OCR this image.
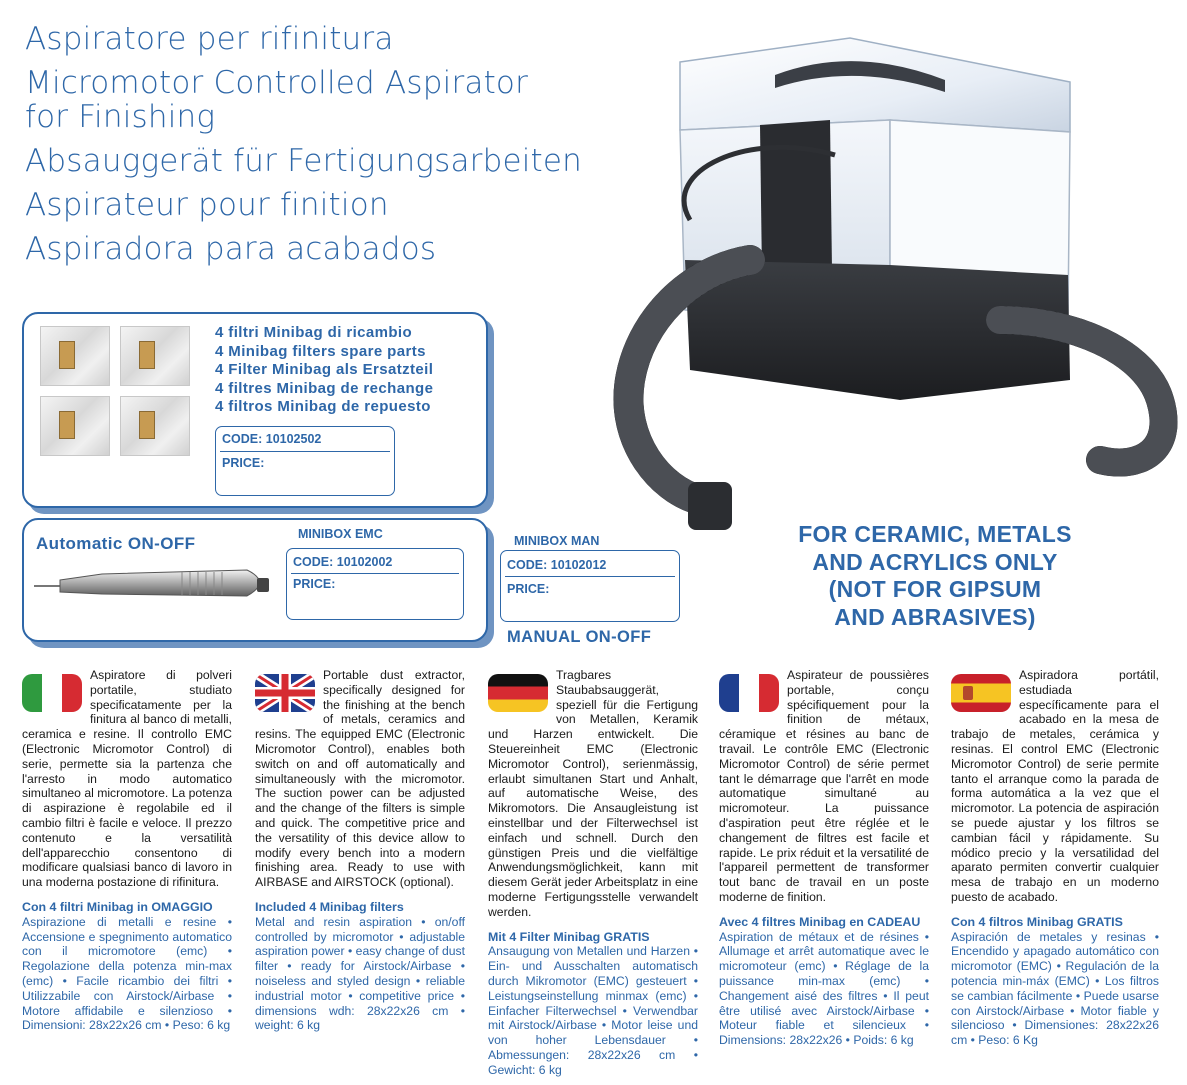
Aspiratore per rifinitura
Micromotor Controlled Aspirator
for Finishing
Absauggerät für Fertigungsarbeiten
Aspirateur pour finition
Aspiradora para acabados
4 filtri Minibag di ricambio
4 Minibag filters spare parts
4 Filter Minibag als Ersatzteil
4 filtres Minibag de rechange
4 filtros Minibag de repuesto
CODE: 10102502
PRICE:
Automatic ON-OFF	MINIBOX EMC
CODE: 10102002
PRICE:
MINIBOX MAN
CODE: 10102012
PRICE:
MANUAL ON-OFF
FOR CERAMIC, METALS
AND ACRYLICS ONLY
(NOT FOR GIPSUM
AND ABRASIVES)
Aspiratore di polveri portatile, studiato specificatamente per la finitura al banco di metalli, ceramica e resine. Il controllo EMC (Electronic Micromotor Control) di serie, permette sia la partenza che l'arresto in modo automatico simultaneo al micromotore. La potenza di aspirazione è regolabile ed il cambio filtri è facile e veloce. Il prezzo contenuto e la versatilità dell'apparecchio consentono di modificare qualsiasi banco di lavoro in una moderna postazione di rifinitura.
Con 4 filtri Minibag in OMAGGIO
Aspirazione di metalli e resine • Accensione e spegnimento automatico con il micromotore (emc) • Regolazione della potenza min-max (emc) • Facile ricambio dei filtri • Utilizzabile con Airstock/Airbase • Motore affidabile e silenzioso • Dimensioni: 28x22x26 cm • Peso: 6 kg
Portable dust extractor, specifically designed for the finishing at the bench of metals, ceramics and resins. The equipped EMC (Electronic Micromotor Control), enables both switch on and off automatically and simultaneously with the micromotor. The suction power can be adjusted and the change of the filters is simple and quick. The competitive price and the versatility of this device allow to modify every bench into a modern finishing area. Ready to use with AIRBASE and AIRSTOCK (optional).
Included 4 Minibag filters
Metal and resin aspiration • on/off controlled by micromotor • adjustable aspiration power • easy change of dust filter • ready for Airstock/Airbase • noiseless and styled design • reliable industrial motor • competitive price • dimensions wdh: 28x22x26 cm • weight: 6 kg
Tragbares Staubabsauggerät, speziell für die Fertigung von Metallen, Keramik und Harzen entwickelt. Die Steuereinheit EMC (Electronic Micromotor Control), serienmässig, erlaubt simultanen Start und Anhalt, auf automatische Weise, des Mikromotors. Die Ansaugleistung ist einstellbar und der Filterwechsel ist einfach und schnell. Durch den günstigen Preis und die vielfältige Anwendungsmöglichkeit, kann mit diesem Gerät jeder Arbeitsplatz in eine moderne Fertigungsstelle verwandelt werden.
Mit 4 Filter Minibag GRATIS
Ansaugung von Metallen und Harzen • Ein- und Ausschalten automatisch durch Mikromotor (EMC) gesteuert • Leistungseinstellung minmax (emc) • Einfacher Filterwechsel • Verwendbar mit Airstock/Airbase • Motor leise und von hoher Lebensdauer • Abmessungen: 28x22x26 cm • Gewicht: 6 kg
Aspirateur de poussières portable, conçu spécifiquement pour la finition de métaux, céramique et résines au banc de travail. Le contrôle EMC (Electronic Micromotor Control) de série permet tant le démarrage que l'arrêt en mode automatique simultané au micromoteur. La puissance d'aspiration peut être réglée et le changement de filtres est facile et rapide. Le prix réduit et la versatilité de l'appareil permettent de transformer tout banc de travail en un poste moderne de finition.
Avec 4 filtres Minibag en CADEAU
Aspiration de métaux et de résines • Allumage et arrêt automatique avec le micromoteur (emc) • Réglage de la puissance min-max (emc) • Changement aisé des filtres • Il peut être utilisé avec Airstock/Airbase • Moteur fiable et silencieux • Dimensions: 28x22x26 • Poids: 6 kg
Aspiradora portátil, estudiada específicamente para el acabado en la mesa de trabajo de metales, cerámica y resinas. El control EMC (Electronic Micromotor Control) de serie permite tanto el arranque como la parada de forma automática a la vez que el micromotor. La potencia de aspiración se puede ajustar y los filtros se cambian fácil y rápidamente. Su módico precio y la versatilidad del aparato permiten convertir cualquier mesa de trabajo en un moderno puesto de acabado.
Con 4 filtros Minibag GRATIS
Aspiración de metales y resinas • Encendido y apagado automático con micromotor (EMC) • Regulación de la potencia min-máx (EMC) • Los filtros se cambian fácilmente • Puede usarse con Airstock/Airbase • Motor fiable y silencioso • Dimensiones: 28x22x26 cm • Peso: 6 Kg
